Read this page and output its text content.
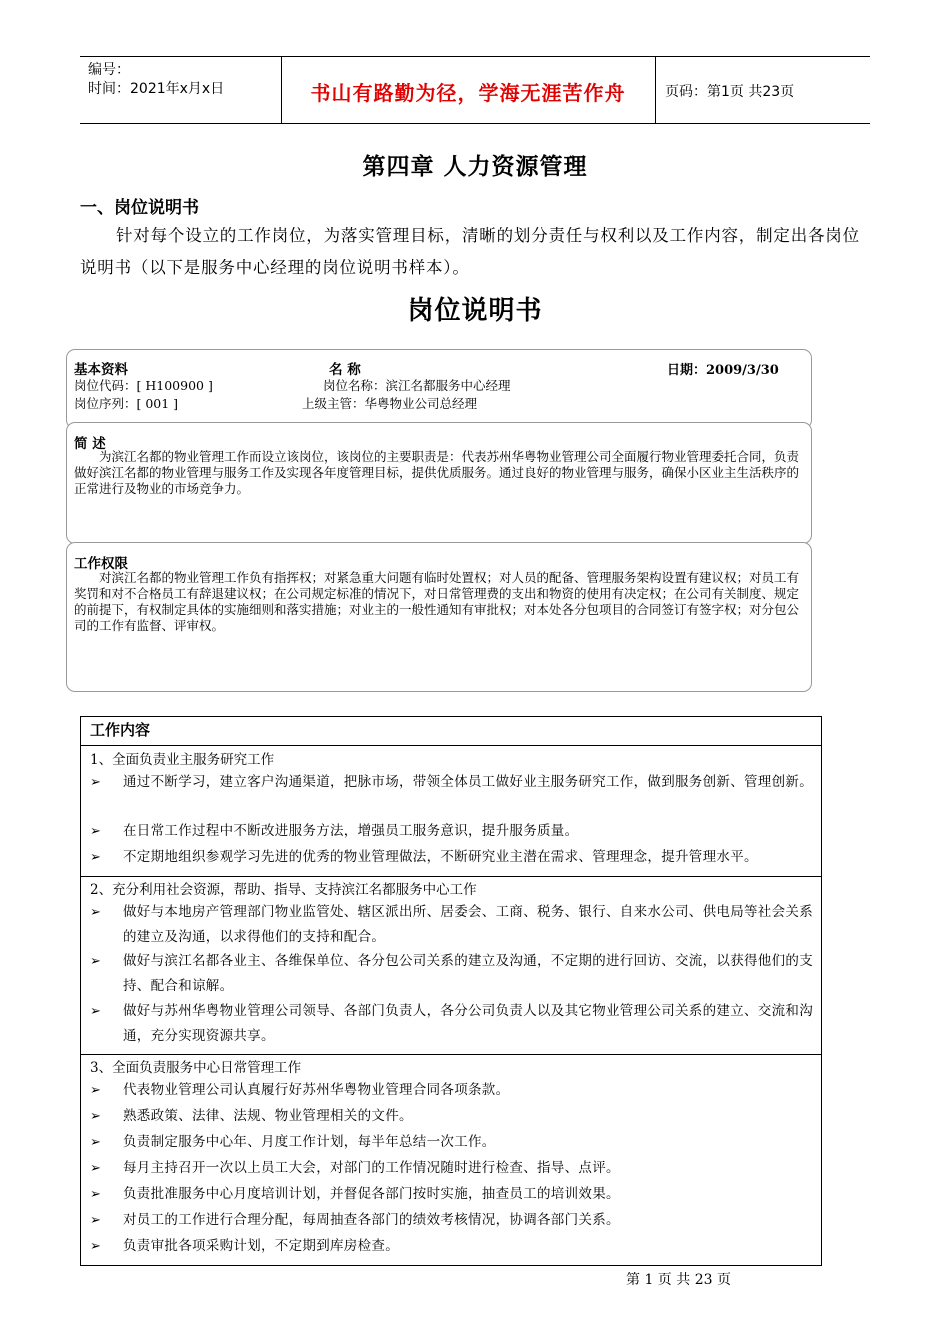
编号：
时间：2021年x月x日	书山有路勤为径，学海无涯苦作舟	页码：第1页 共23页
第四章 人力资源管理
一、岗位说明书
针对每个设立的工作岗位，为落实管理目标，清晰的划分责任与权利以及工作内容，制定出各岗位说明书（以下是服务中心经理的岗位说明书样本）。
岗位说明书
基本资料	名 称	日期：2009/3/30
岗位代码：[ H100900 ]	岗位名称：滨江名都服务中心经理
岗位序列：[ 001 ]	上级主管：华粤物业公司总经理
简 述
为滨江名都的物业管理工作而设立该岗位，该岗位的主要职责是：代表苏州华粤物业管理公司全面履行物业管理委托合同，负责做好滨江名都的物业管理与服务工作及实现各年度管理目标，提供优质服务。通过良好的物业管理与服务，确保小区业主生活秩序的正常进行及物业的市场竞争力。
工作权限
对滨江名都的物业管理工作负有指挥权；对紧急重大问题有临时处置权；对人员的配备、管理服务架构设置有建议权；对员工有奖罚和对不合格员工有辞退建议权；在公司规定标准的情况下，对日常管理费的支出和物资的使用有决定权；在公司有关制度、规定的前提下，有权制定具体的实施细则和落实措施；对业主的一般性通知有审批权；对本处各分包项目的合同签订有签字权；对分包公司的工作有监督、评审权。
工作内容
1、全面负责业主服务研究工作
➢	通过不断学习，建立客户沟通渠道，把脉市场，带领全体员工做好业主服务研究工作，做到服务创新、管理创新。
➢	在日常工作过程中不断改进服务方法，增强员工服务意识，提升服务质量。
➢	不定期地组织参观学习先进的优秀的物业管理做法，不断研究业主潜在需求、管理理念，提升管理水平。
2、充分利用社会资源，帮助、指导、支持滨江名都服务中心工作
➢	做好与本地房产管理部门物业监管处、辖区派出所、居委会、工商、税务、银行、自来水公司、供电局等社会关系的建立及沟通，以求得他们的支持和配合。
➢	做好与滨江名都各业主、各维保单位、各分包公司关系的建立及沟通，不定期的进行回访、交流，以获得他们的支持、配合和谅解。
➢	做好与苏州华粤物业管理公司领导、各部门负责人，各分公司负责人以及其它物业管理公司关系的建立、交流和沟通，充分实现资源共享。
3、全面负责服务中心日常管理工作
➢	代表物业管理公司认真履行好苏州华粤物业管理合同各项条款。
➢	熟悉政策、法律、法规、物业管理相关的文件。
➢	负责制定服务中心年、月度工作计划，每半年总结一次工作。
➢	每月主持召开一次以上员工大会，对部门的工作情况随时进行检查、指导、点评。
➢	负责批准服务中心月度培训计划，并督促各部门按时实施，抽查员工的培训效果。
➢	对员工的工作进行合理分配，每周抽查各部门的绩效考核情况，协调各部门关系。
➢	负责审批各项采购计划，不定期到库房检查。
第 1 页 共 23 页
